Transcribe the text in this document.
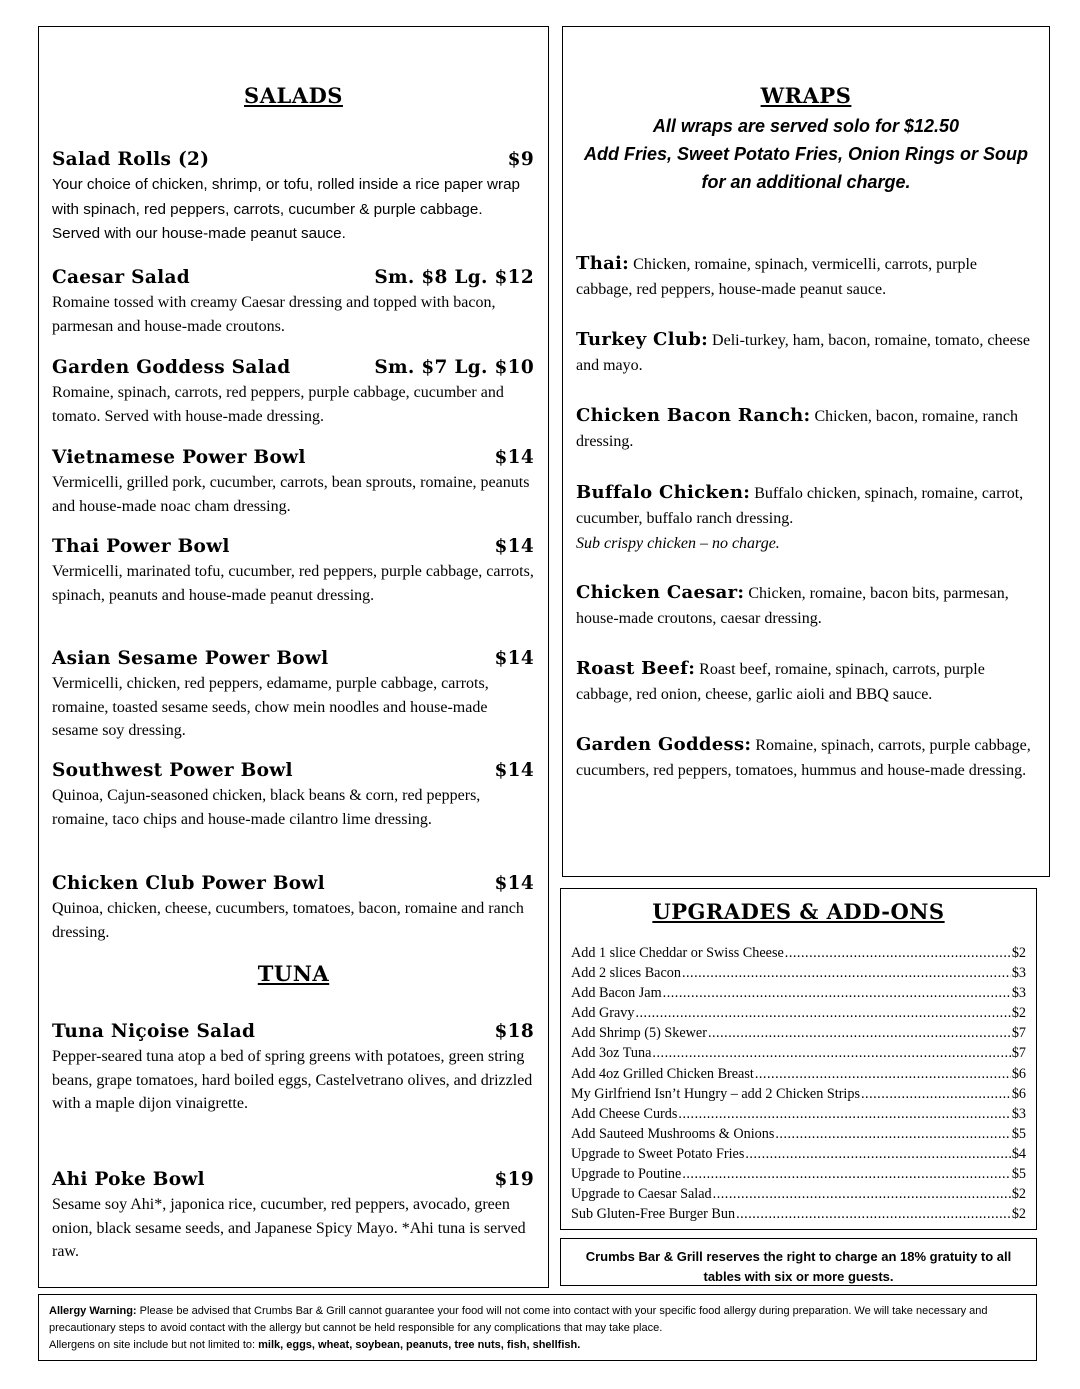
SALADS
Salad Rolls (2)	$9
Your choice of chicken, shrimp, or tofu, rolled inside a rice paper wrap with spinach, red peppers, carrots, cucumber & purple cabbage. Served with our house-made peanut sauce.
Caesar Salad	Sm. $8 Lg. $12
Romaine tossed with creamy Caesar dressing and topped with bacon, parmesan and house-made croutons.
Garden Goddess Salad	Sm. $7 Lg. $10
Romaine, spinach, carrots, red peppers, purple cabbage, cucumber and tomato. Served with house-made dressing.
Vietnamese Power Bowl	$14
Vermicelli, grilled pork, cucumber, carrots, bean sprouts, romaine, peanuts and house-made noac cham dressing.
Thai Power Bowl	$14
Vermicelli, marinated tofu, cucumber, red peppers, purple cabbage, carrots, spinach, peanuts and house-made peanut dressing.
Asian Sesame Power Bowl	$14
Vermicelli, chicken, red peppers, edamame, purple cabbage, carrots, romaine, toasted sesame seeds, chow mein noodles and house-made sesame soy dressing.
Southwest Power Bowl	$14
Quinoa, Cajun-seasoned chicken, black beans & corn, red peppers, romaine, taco chips and house-made cilantro lime dressing.
Chicken Club Power Bowl	$14
Quinoa, chicken, cheese, cucumbers, tomatoes, bacon, romaine and ranch dressing.
TUNA
Tuna Niçoise Salad	$18
Pepper-seared tuna atop a bed of spring greens with potatoes, green string beans, grape tomatoes, hard boiled eggs, Castelvetrano olives, and drizzled with a maple dijon vinaigrette.
Ahi Poke Bowl	$19
Sesame soy Ahi*, japonica rice, cucumber, red peppers, avocado, green onion, black sesame seeds, and Japanese Spicy Mayo. *Ahi tuna is served raw.
WRAPS
All wraps are served solo for $12.50
Add Fries, Sweet Potato Fries, Onion Rings or Soup
for an additional charge.
Thai: Chicken, romaine, spinach, vermicelli, carrots, purple cabbage, red peppers, house-made peanut sauce.
Turkey Club: Deli-turkey, ham, bacon, romaine, tomato, cheese and mayo.
Chicken Bacon Ranch: Chicken, bacon, romaine, ranch dressing.
Buffalo Chicken: Buffalo chicken, spinach, romaine, carrot, cucumber, buffalo ranch dressing.
Sub crispy chicken – no charge.
Chicken Caesar: Chicken, romaine, bacon bits, parmesan, house-made croutons, caesar dressing.
Roast Beef: Roast beef, romaine, spinach, carrots, purple cabbage, red onion, cheese, garlic aioli and BBQ sauce.
Garden Goddess: Romaine, spinach, carrots, purple cabbage, cucumbers, red peppers, tomatoes, hummus and house-made dressing.
UPGRADES & ADD-ONS
Add 1 slice Cheddar or Swiss Cheese .....	$2
Add 2 slices Bacon .....	$3
Add Bacon Jam .....	$3
Add Gravy .....	$2
Add Shrimp (5) Skewer .....	$7
Add 3oz Tuna .....	$7
Add 4oz Grilled Chicken Breast .....	$6
My Girlfriend Isn’t Hungry – add 2 Chicken Strips .....	$6
Add Cheese Curds .....	$3
Add Sauteed Mushrooms & Onions .....	$5
Upgrade to Sweet Potato Fries .....	$4
Upgrade to Poutine .....	$5
Upgrade to Caesar Salad .....	$2
Sub Gluten-Free Burger Bun .....	$2
Crumbs Bar & Grill reserves the right to charge an 18% gratuity to all tables with six or more guests.
Allergy Warning: Please be advised that Crumbs Bar & Grill cannot guarantee your food will not come into contact with your specific food allergy during preparation. We will take necessary and precautionary steps to avoid contact with the allergy but cannot be held responsible for any complications that may take place.
Allergens on site include but not limited to: milk, eggs, wheat, soybean, peanuts, tree nuts, fish, shellfish.
